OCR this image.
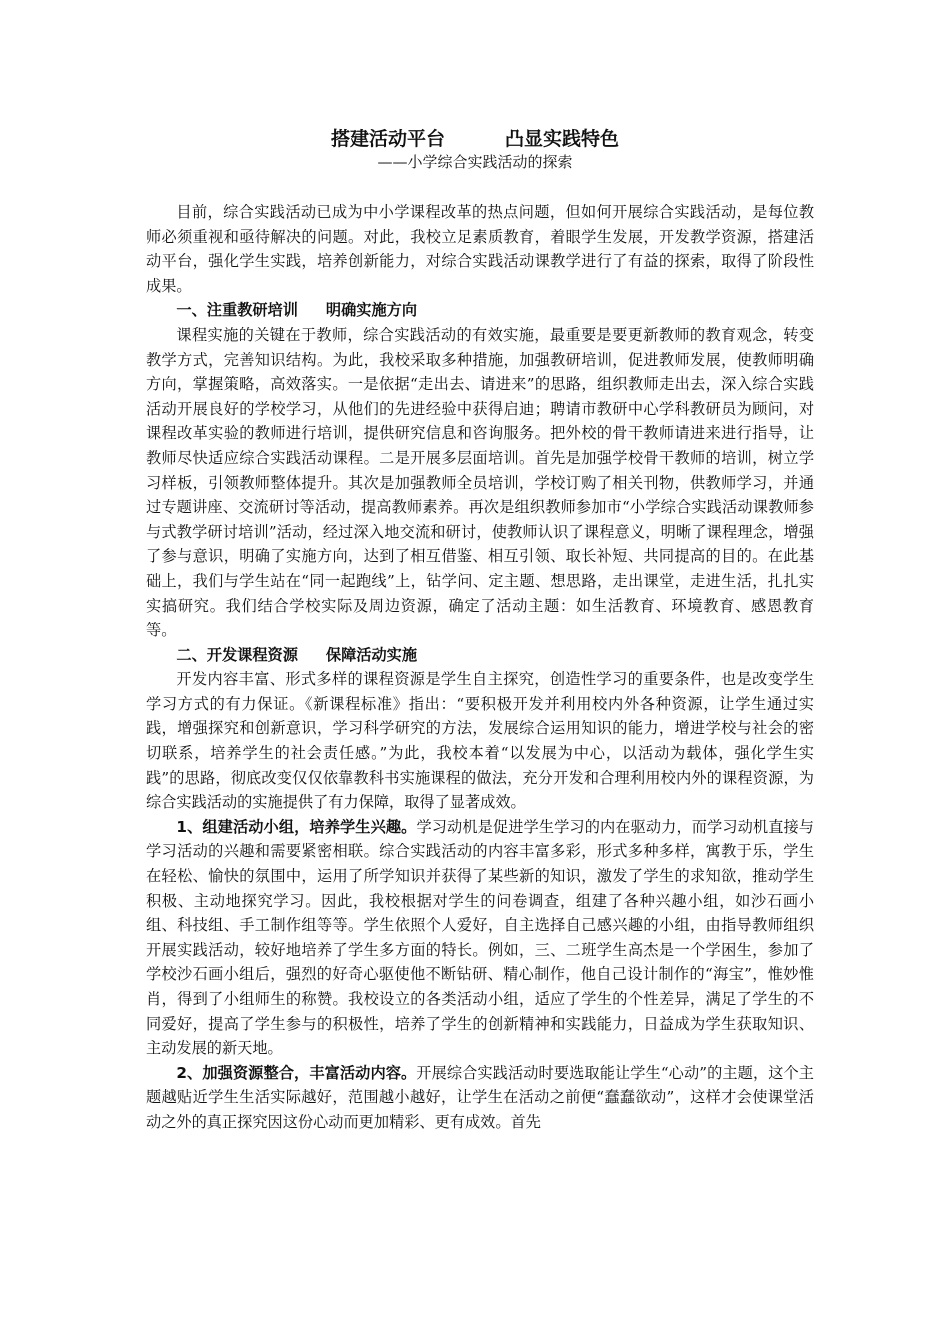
搭建活动平台	凸显实践特色
——小学综合实践活动的探索

目前，综合实践活动已成为中小学课程改革的热点问题，但如何开展综合实践活动，是每位教师必须重视和亟待解决的问题。对此，我校立足素质教育，着眼学生发展，开发教学资源，搭建活动平台，强化学生实践，培养创新能力，对综合实践活动课教学进行了有益的探索，取得了阶段性成果。

一、注重教研培训 明确实施方向

课程实施的关键在于教师，综合实践活动的有效实施，最重要是要更新教师的教育观念，转变教学方式，完善知识结构。为此，我校采取多种措施，加强教研培训，促进教师发展，使教师明确方向，掌握策略，高效落实。一是依据“走出去、请进来”的思路，组织教师走出去，深入综合实践活动开展良好的学校学习，从他们的先进经验中获得启迪；聘请市教研中心学科教研员为顾问，对课程改革实验的教师进行培训，提供研究信息和咨询服务。把外校的骨干教师请进来进行指导，让教师尽快适应综合实践活动课程。二是开展多层面培训。首先是加强学校骨干教师的培训，树立学习样板，引领教师整体提升。其次是加强教师全员培训，学校订购了相关刊物，供教师学习，并通过专题讲座、交流研讨等活动，提高教师素养。再次是组织教师参加市“小学综合实践活动课教师参与式教学研讨培训”活动，经过深入地交流和研讨，使教师认识了课程意义，明晰了课程理念，增强了参与意识，明确了实施方向，达到了相互借鉴、相互引领、取长补短、共同提高的目的。在此基础上，我们与学生站在“同一起跑线”上，钻学问、定主题、想思路，走出课堂，走进生活，扎扎实实搞研究。我们结合学校实际及周边资源，确定了活动主题：如生活教育、环境教育、感恩教育等。

二、开发课程资源 保障活动实施

开发内容丰富、形式多样的课程资源是学生自主探究，创造性学习的重要条件，也是改变学生学习方式的有力保证。《新课程标准》指出：“要积极开发并利用校内外各种资源，让学生通过实践，增强探究和创新意识，学习科学研究的方法，发展综合运用知识的能力，增进学校与社会的密切联系，培养学生的社会责任感。”为此，我校本着“以发展为中心，以活动为载体，强化学生实践”的思路，彻底改变仅仅依靠教科书实施课程的做法，充分开发和合理利用校内外的课程资源，为综合实践活动的实施提供了有力保障，取得了显著成效。

1、组建活动小组，培养学生兴趣。学习动机是促进学生学习的内在驱动力，而学习动机直接与学习活动的兴趣和需要紧密相联。综合实践活动的内容丰富多彩，形式多种多样，寓教于乐，学生在轻松、愉快的氛围中，运用了所学知识并获得了某些新的知识，激发了学生的求知欲，推动学生积极、主动地探究学习。因此，我校根据对学生的问卷调查，组建了各种兴趣小组，如沙石画小组、科技组、手工制作组等等。学生依照个人爱好，自主选择自己感兴趣的小组，由指导教师组织开展实践活动，较好地培养了学生多方面的特长。例如，三、二班学生高杰是一个学困生，参加了学校沙石画小组后，强烈的好奇心驱使他不断钻研、精心制作，他自己设计制作的“海宝”，惟妙惟肖，得到了小组师生的称赞。我校设立的各类活动小组，适应了学生的个性差异，满足了学生的不同爱好，提高了学生参与的积极性，培养了学生的创新精神和实践能力，日益成为学生获取知识、主动发展的新天地。

2、加强资源整合，丰富活动内容。开展综合实践活动时要选取能让学生“心动”的主题，这个主题越贴近学生生活实际越好，范围越小越好，让学生在活动之前便“蠢蠢欲动”，这样才会使课堂活动之外的真正探究因这份心动而更加精彩、更有成效。首先
